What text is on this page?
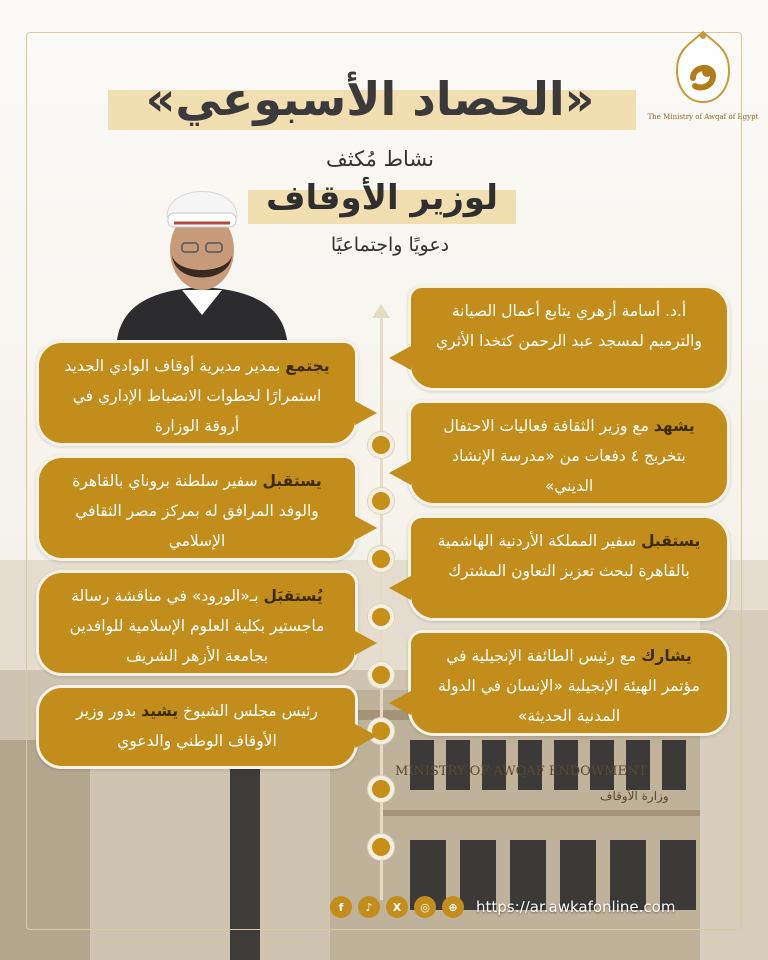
MINISTRY OF AWQAF ENDOWMENT
وزارة الأوقاف
The Ministry of Awqaf of Egypt
«الحصاد الأسبوعي»
نشاط مُكثف
لوزير الأوقاف
دعويًا واجتماعيًا
أ.د. أسامة أزهري يتابع أعمال الصيانة والترميم لمسجد عبد الرحمن كتخدا الأثري
يشهد مع وزير الثقافة فعاليات الاحتفال بتخريج ٤ دفعات من «مدرسة الإنشاد الديني»
يستقبل سفير المملكة الأردنية الهاشمية بالقاهرة لبحث تعزيز التعاون المشترك
يشارك مع رئيس الطائفة الإنجيلية في مؤتمر الهيئة الإنجيلية «الإنسان في الدولة المدنية الحديثة»
يجتمع بمدير مديرية أوقاف الوادي الجديد استمرارًا لخطوات الانضباط الإداري في أروقة الوزارة
يستقبل سفير سلطنة بروناي بالقاهرة والوفد المرافق له بمركز مصر الثقافي الإسلامي
يُستقبَل بـ«الورود» في مناقشة رسالة ماجستير بكلية العلوم الإسلامية للوافدين بجامعة الأزهر الشريف
رئيس مجلس الشيوخ يشيد بدور وزير الأوقاف الوطني والدعوي
f	♪	X	◎	⊕	https://ar.awkafonline.com
